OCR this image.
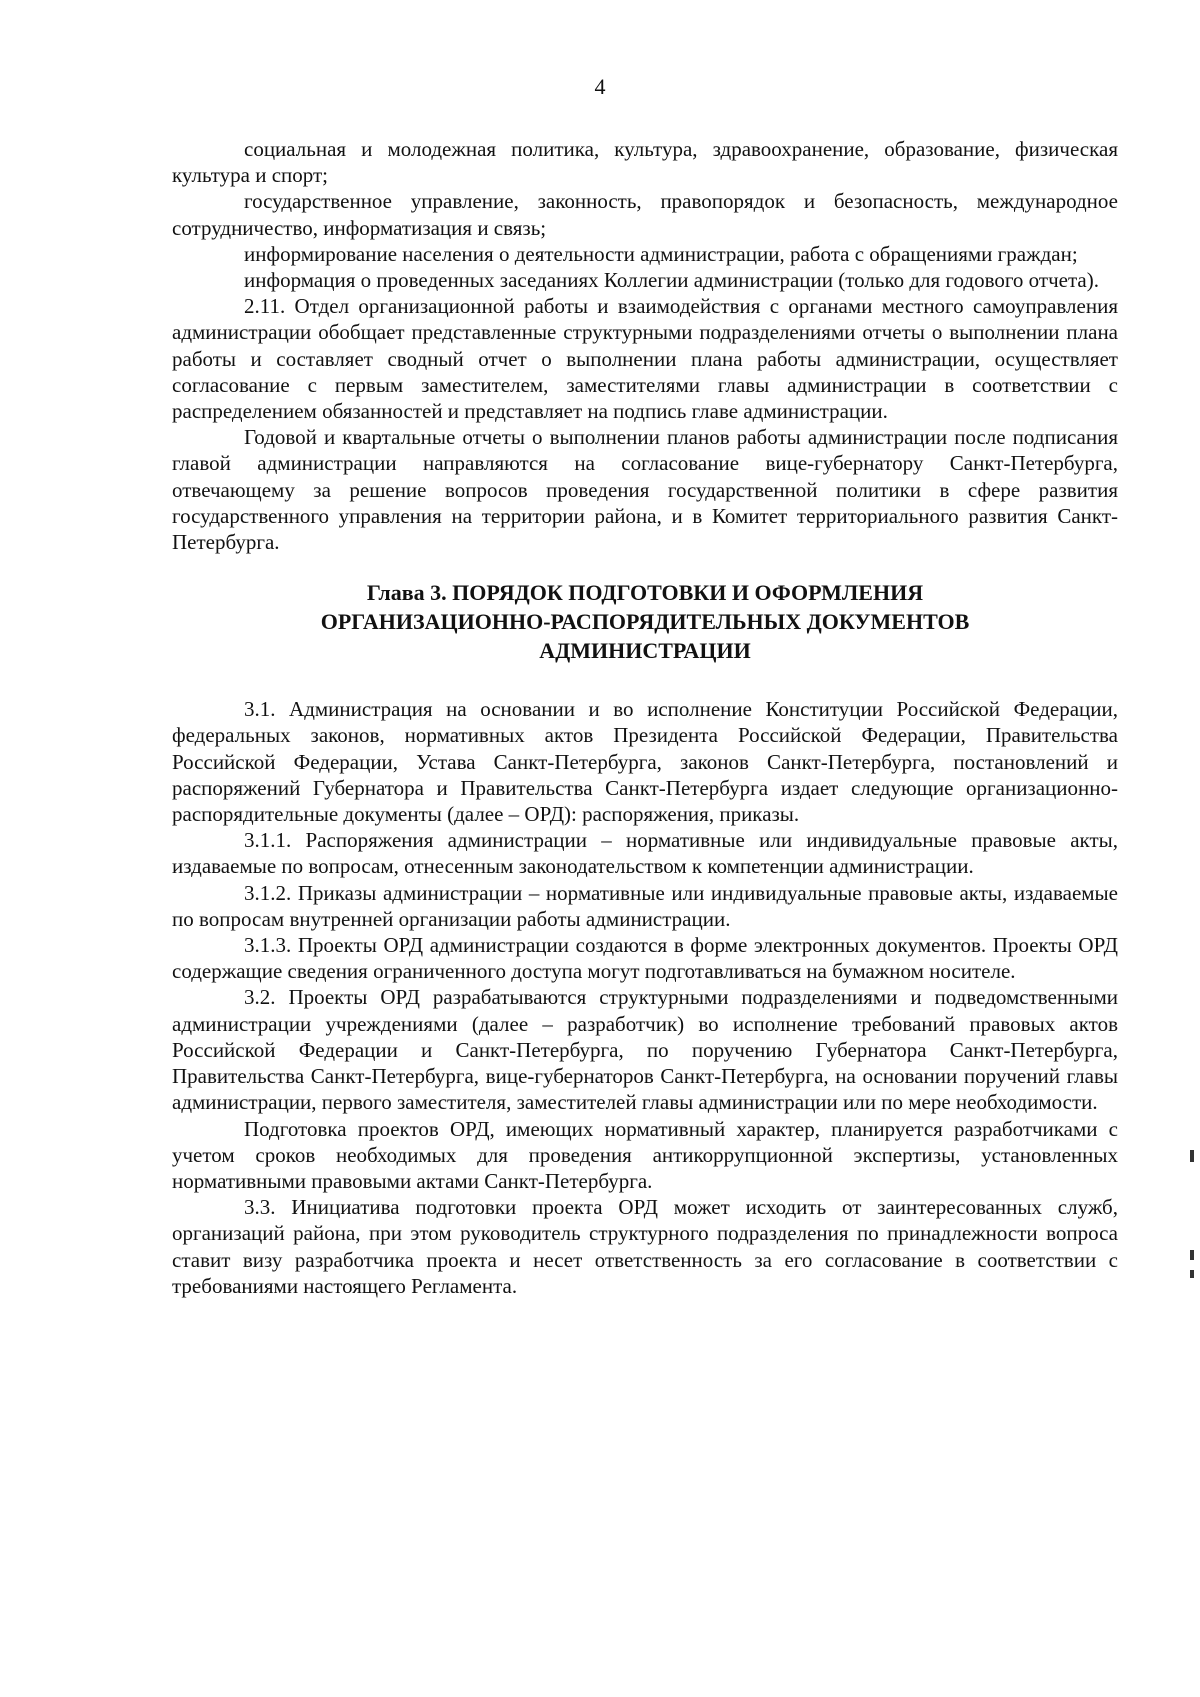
4

социальная и молодежная политика, культура, здравоохранение, образование, физическая культура и спорт;

государственное управление, законность, правопорядок и безопасность, международное сотрудничество, информатизация и связь;

информирование населения о деятельности администрации, работа с обращениями граждан;

информация о проведенных заседаниях Коллегии администрации (только для годового отчета).

2.11. Отдел организационной работы и взаимодействия с органами местного самоуправления администрации обобщает представленные структурными подразделениями отчеты о выполнении плана работы и составляет сводный отчет о выполнении плана работы администрации, осуществляет согласование с первым заместителем, заместителями главы администрации в соответствии с распределением обязанностей и представляет на подпись главе администрации.

Годовой и квартальные отчеты о выполнении планов работы администрации после подписания главой администрации направляются на согласование вице-губернатору Санкт-Петербурга, отвечающему за решение вопросов проведения государственной политики в сфере развития государственного управления на территории района, и в Комитет территориального развития Санкт-Петербурга.

Глава 3. ПОРЯДОК ПОДГОТОВКИ И ОФОРМЛЕНИЯ
ОРГАНИЗАЦИОННО-РАСПОРЯДИТЕЛЬНЫХ ДОКУМЕНТОВ
АДМИНИСТРАЦИИ

3.1. Администрация на основании и во исполнение Конституции Российской Федерации, федеральных законов, нормативных актов Президента Российской Федерации, Правительства Российской Федерации, Устава Санкт-Петербурга, законов Санкт-Петербурга, постановлений и распоряжений Губернатора и Правительства Санкт-Петербурга издает следующие организационно-распорядительные документы (далее – ОРД): распоряжения, приказы.

3.1.1. Распоряжения администрации – нормативные или индивидуальные правовые акты, издаваемые по вопросам, отнесенным законодательством к компетенции администрации.

3.1.2. Приказы администрации – нормативные или индивидуальные правовые акты, издаваемые по вопросам внутренней организации работы администрации.

3.1.3. Проекты ОРД администрации создаются в форме электронных документов. Проекты ОРД содержащие сведения ограниченного доступа могут подготавливаться на бумажном носителе.

3.2. Проекты ОРД разрабатываются структурными подразделениями и подведомственными администрации учреждениями (далее – разработчик) во исполнение требований правовых актов Российской Федерации и Санкт-Петербурга, по поручению Губернатора Санкт-Петербурга, Правительства Санкт-Петербурга, вице-губернаторов Санкт-Петербурга, на основании поручений главы администрации, первого заместителя, заместителей главы администрации или по мере необходимости.

Подготовка проектов ОРД, имеющих нормативный характер, планируется разработчиками с учетом сроков необходимых для проведения антикоррупционной экспертизы, установленных нормативными правовыми актами Санкт-Петербурга.

3.3. Инициатива подготовки проекта ОРД может исходить от заинтересованных служб, организаций района, при этом руководитель структурного подразделения по принадлежности вопроса ставит визу разработчика проекта и несет ответственность за его согласование в соответствии с требованиями настоящего Регламента.
